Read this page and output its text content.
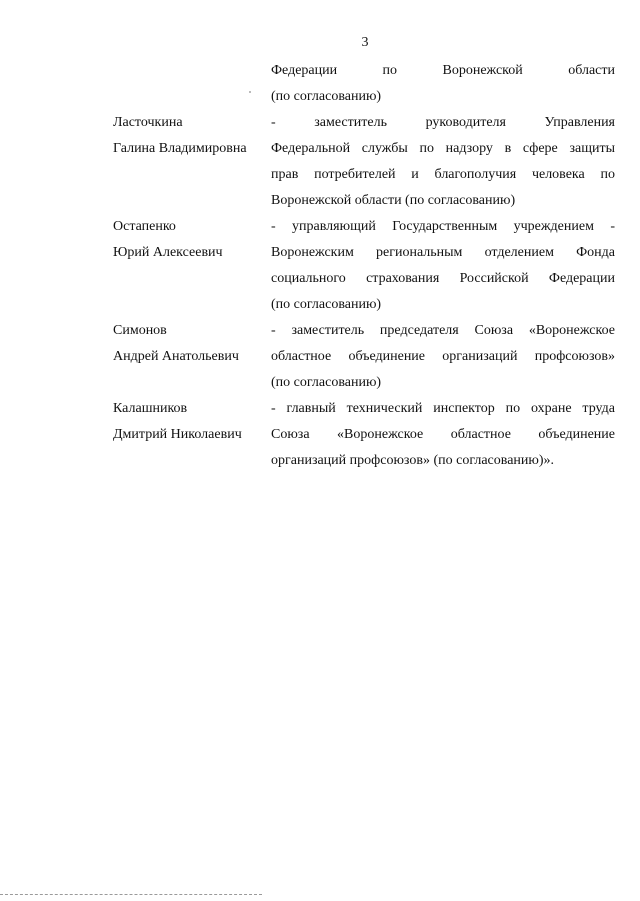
3
Федерации по Воронежской области
(по согласованию)
Ласточкина
Галина Владимировна
- заместитель руководителя Управления
Федеральной службы по надзору в сфере защиты
прав потребителей и благополучия человека по
Воронежской области (по согласованию)
Остапенко
Юрий Алексеевич
- управляющий Государственным учреждением -
Воронежским региональным отделением Фонда
социального страхования Российской Федерации
(по согласованию)
Симонов
Андрей Анатольевич
- заместитель председателя Союза «Воронежское
областное объединение организаций профсоюзов»
(по согласованию)
Калашников
Дмитрий Николаевич
- главный технический инспектор по охране труда
Союза «Воронежское областное объединение
организаций профсоюзов» (по согласованию)».
